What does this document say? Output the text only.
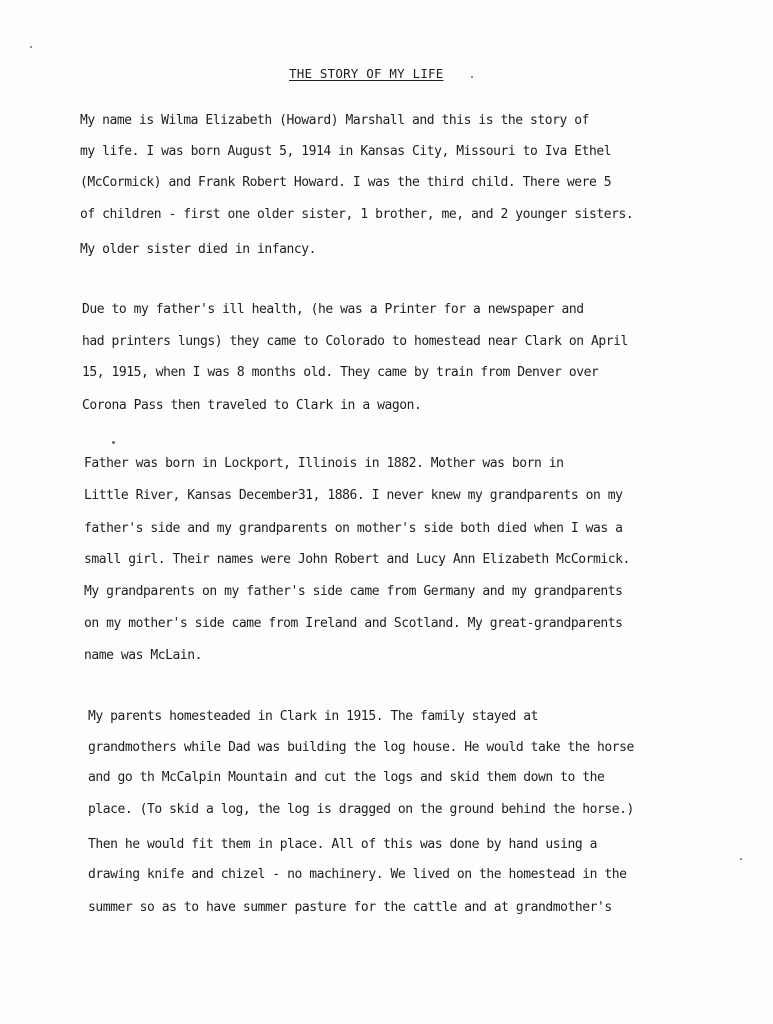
THE STORY OF MY LIFE
My name is Wilma Elizabeth (Howard) Marshall and this is the story of
my life. I was born August 5, 1914 in Kansas City, Missouri to Iva Ethel
(McCormick) and Frank Robert Howard. I was the third child. There were 5
of children - first one older sister, 1 brother, me, and 2 younger sisters.
My older sister died in infancy.
Due to my father's ill health, (he was a Printer for a newspaper and
had printers lungs) they came to Colorado to homestead near Clark on April
15, 1915, when I was 8 months old. They came by train from Denver over
Corona Pass then traveled to Clark in a wagon.
Father was born in Lockport, Illinois in 1882. Mother was born in
Little River, Kansas December31, 1886. I never knew my grandparents on my
father's side and my grandparents on mother's side both died when I was a
small girl. Their names were John Robert and Lucy Ann Elizabeth McCormick.
My grandparents on my father's side came from Germany and my grandparents
on my mother's side came from Ireland and Scotland. My great-grandparents
name was McLain.
My parents homesteaded in Clark in 1915. The family stayed at
grandmothers while Dad was building the log house. He would take the horse
and go th McCalpin Mountain and cut the logs and skid them down to the
place. (To skid a log, the log is dragged on the ground behind the horse.)
Then he would fit them in place. All of this was done by hand using a
drawing knife and chizel - no machinery. We lived on the homestead in the
summer so as to have summer pasture for the cattle and at grandmother's
